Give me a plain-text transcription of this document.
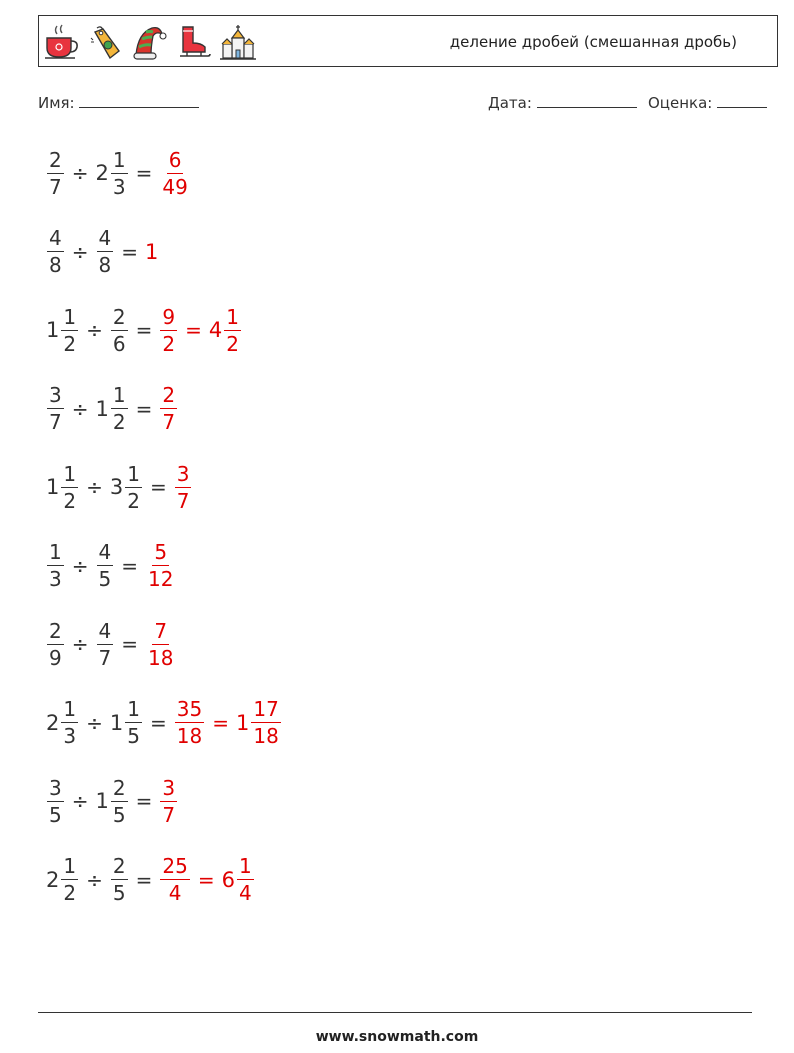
деление дробей (смешанная дробь)
Имя:	Дата:	Оценка:
$\frac{2}{7} \div 2 \frac{1}{3} = \frac{6}{49}$
$\frac{4}{8} \div \frac{4}{8} = 1$
$1 \frac{1}{2} \div \frac{2}{6} = \frac{9}{2} = 4 \frac{1}{2}$
$\frac{3}{7} \div 1 \frac{1}{2} = \frac{2}{7}$
$1 \frac{1}{2} \div 3 \frac{1}{2} = \frac{3}{7}$
$\frac{1}{3} \div \frac{4}{5} = \frac{5}{12}$
$\frac{2}{9} \div \frac{4}{7} = \frac{7}{18}$
$2 \frac{1}{3} \div 1 \frac{1}{5} = \frac{35}{18} = 1 \frac{17}{18}$
$\frac{3}{5} \div 1 \frac{2}{5} = \frac{3}{7}$
$2 \frac{1}{2} \div \frac{2}{5} = \frac{25}{4} = 6 \frac{1}{4}$
www.snowmath.com
